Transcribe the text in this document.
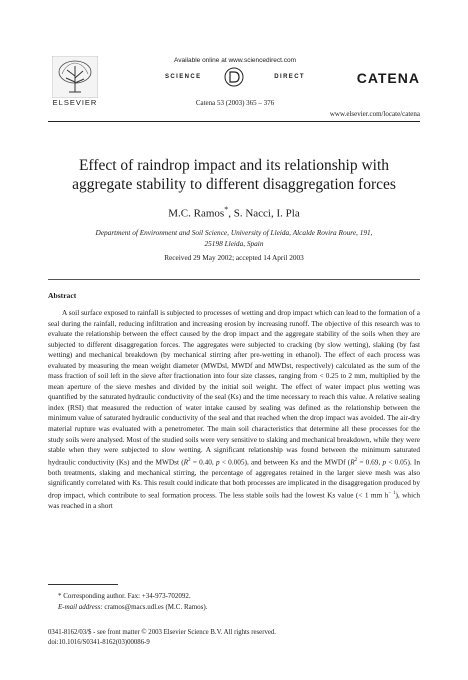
ELSEVIER
Available online at www.sciencedirect.com
SCIENCE	DIRECT
Catena 53 (2003) 365 – 376
CATENA
www.elsevier.com/locate/catena
Effect of raindrop impact and its relationship with
aggregate stability to different disaggregation forces
M.C. Ramos*, S. Nacci, I. Pla
Department of Environment and Soil Science, University of Lleida, Alcalde Rovira Roure, 191,
25198 Lleida, Spain
Received 29 May 2002; accepted 14 April 2003
Abstract

A soil surface exposed to rainfall is subjected to processes of wetting and drop impact which can lead to the formation of a seal during the rainfall, reducing infiltration and increasing erosion by increasing runoff. The objective of this research was to evaluate the relationship between the effect caused by the drop impact and the aggregate stability of the soils when they are subjected to different disaggregation forces. The aggregates were subjected to cracking (by slow wetting), slaking (by fast wetting) and mechanical breakdown (by mechanical stirring after pre-wetting in ethanol). The effect of each process was evaluated by measuring the mean weight diameter (MWDsl, MWDf and MWDst, respectively) calculated as the sum of the mass fraction of soil left in the sieve after fractionation into four size classes, ranging from < 0.25 to 2 mm, multiplied by the mean aperture of the sieve meshes and divided by the initial soil weight. The effect of water impact plus wetting was quantified by the saturated hydraulic conductivity of the seal (Ks) and the time necessary to reach this value. A relative sealing index (RSI) that measured the reduction of water intake caused by sealing was defined as the relationship between the minimum value of saturated hydraulic conductivity of the seal and that reached when the drop impact was avoided. The air-dry material rupture was evaluated with a penetrometer. The main soil characteristics that determine all these processes for the study soils were analysed. Most of the studied soils were very sensitive to slaking and mechanical breakdown, while they were stable when they were subjected to slow wetting. A significant relationship was found between the minimum saturated hydraulic conductivity (Ks) and the MWDst ($R^2 = 0.40$, p < 0.005), and between Ks and the MWDf ($R^2 = 0.69$, p < 0.05). In both treatments, slaking and mechanical stirring, the percentage of aggregates retained in the larger sieve mesh was also significantly correlated with Ks. This result could indicate that both processes are implicated in the disaggregation produced by drop impact, which contribute to seal formation process. The less stable soils had the lowest Ks value (< 1 mm $h^{- 1}$), which was reached in a short

* Corresponding author. Fax: +34-973-702092.
E-mail address: cramos@macs.udl.es (M.C. Ramos).
0341-8162/03/$ - see front matter © 2003 Elsevier Science B.V. All rights reserved.
doi:10.1016/S0341-8162(03)00086-9
